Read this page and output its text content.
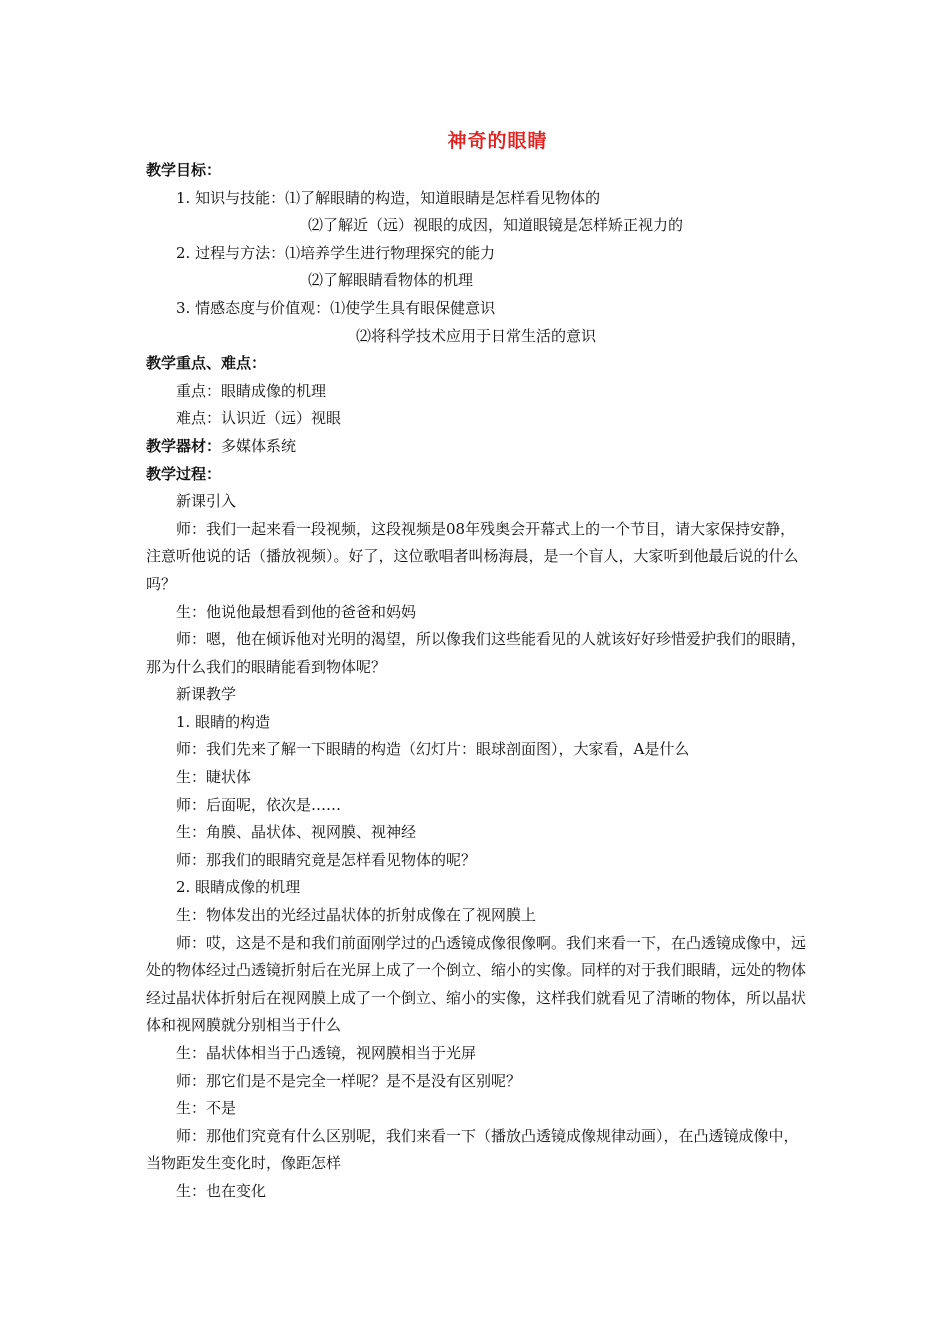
神奇的眼睛

教学目标：

1. 知识与技能：⑴了解眼睛的构造，知道眼睛是怎样看见物体的

⑵了解近（远）视眼的成因，知道眼镜是怎样矫正视力的

2. 过程与方法：⑴培养学生进行物理探究的能力

⑵了解眼睛看物体的机理

3. 情感态度与价值观：⑴使学生具有眼保健意识

⑵将科学技术应用于日常生活的意识

教学重点、难点：

重点：眼睛成像的机理

难点：认识近（远）视眼

教学器材：多媒体系统

教学过程：

新课引入

师：我们一起来看一段视频，这段视频是08年残奥会开幕式上的一个节目，请大家保持安静，注意听他说的话（播放视频）。好了，这位歌唱者叫杨海晨，是一个盲人，大家听到他最后说的什么吗？

生：他说他最想看到他的爸爸和妈妈

师：嗯，他在倾诉他对光明的渴望，所以像我们这些能看见的人就该好好珍惜爱护我们的眼睛，那为什么我们的眼睛能看到物体呢？

新课教学

1. 眼睛的构造

师：我们先来了解一下眼睛的构造（幻灯片：眼球剖面图），大家看，A是什么

生：睫状体

师：后面呢，依次是……

生：角膜、晶状体、视网膜、视神经

师：那我们的眼睛究竟是怎样看见物体的呢？

2. 眼睛成像的机理

生：物体发出的光经过晶状体的折射成像在了视网膜上

师：哎，这是不是和我们前面刚学过的凸透镜成像很像啊。我们来看一下，在凸透镜成像中，远处的物体经过凸透镜折射后在光屏上成了一个倒立、缩小的实像。同样的对于我们眼睛，远处的物体经过晶状体折射后在视网膜上成了一个倒立、缩小的实像，这样我们就看见了清晰的物体，所以晶状体和视网膜就分别相当于什么

生：晶状体相当于凸透镜，视网膜相当于光屏

师：那它们是不是完全一样呢？是不是没有区别呢？

生：不是

师：那他们究竟有什么区别呢，我们来看一下（播放凸透镜成像规律动画），在凸透镜成像中，当物距发生变化时，像距怎样

生：也在变化
